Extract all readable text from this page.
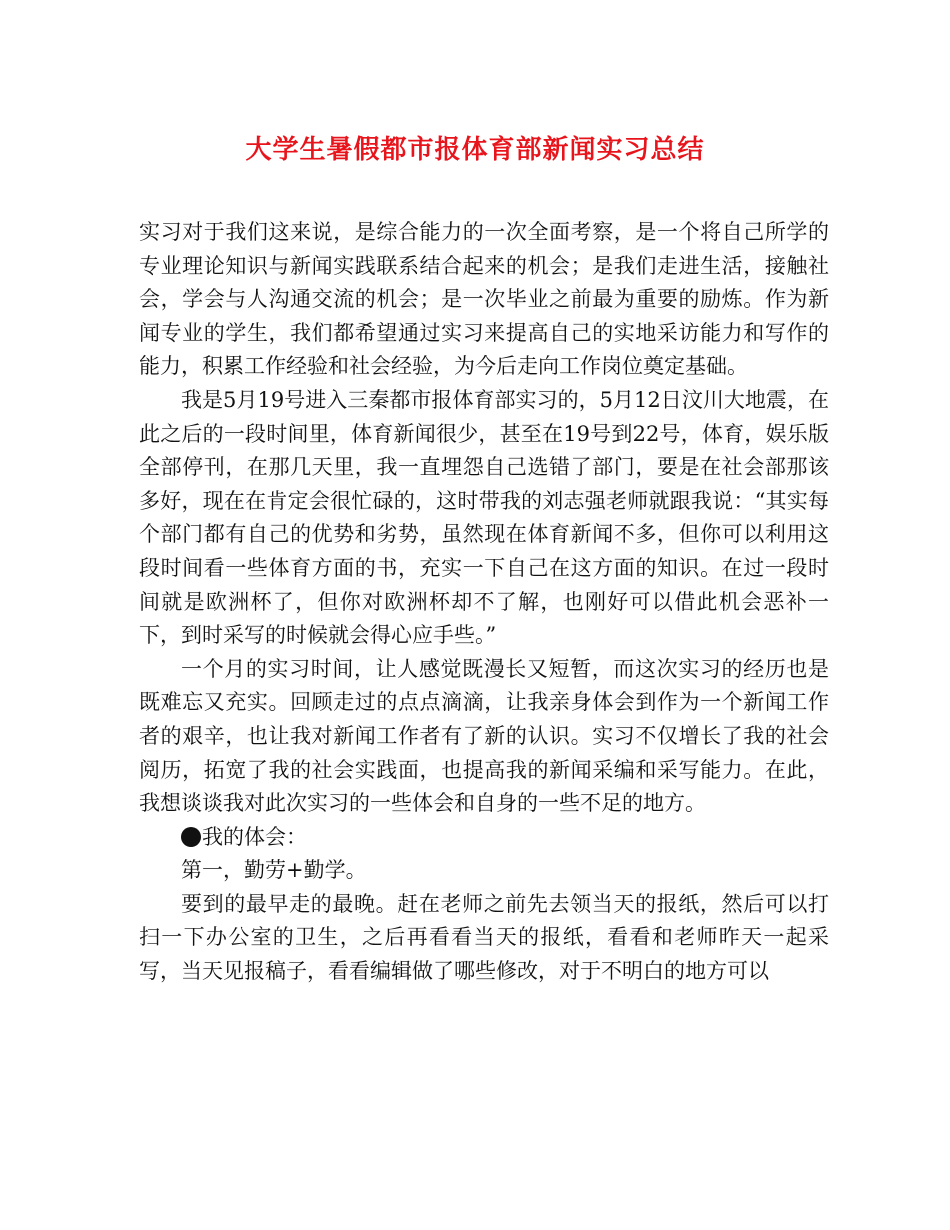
大学生暑假都市报体育部新闻实习总结

实习对于我们这来说，是综合能力的一次全面考察，是一个将自己所学的专业理论知识与新闻实践联系结合起来的机会；是我们走进生活，接触社会，学会与人沟通交流的机会；是一次毕业之前最为重要的励炼。作为新闻专业的学生，我们都希望通过实习来提高自己的实地采访能力和写作的能力，积累工作经验和社会经验，为今后走向工作岗位奠定基础。

我是5月19号进入三秦都市报体育部实习的，5月12日汶川大地震，在此之后的一段时间里，体育新闻很少，甚至在19号到22号，体育，娱乐版全部停刊，在那几天里，我一直埋怨自己选错了部门，要是在社会部那该多好，现在在肯定会很忙碌的，这时带我的刘志强老师就跟我说：“其实每个部门都有自己的优势和劣势，虽然现在体育新闻不多，但你可以利用这段时间看一些体育方面的书，充实一下自己在这方面的知识。在过一段时间就是欧洲杯了，但你对欧洲杯却不了解，也刚好可以借此机会恶补一下，到时采写的时候就会得心应手些。”

一个月的实习时间，让人感觉既漫长又短暂，而这次实习的经历也是既难忘又充实。回顾走过的点点滴滴，让我亲身体会到作为一个新闻工作者的艰辛，也让我对新闻工作者有了新的认识。实习不仅增长了我的社会阅历，拓宽了我的社会实践面，也提高我的新闻采编和采写能力。在此，我想谈谈我对此次实习的一些体会和自身的一些不足的地方。

我的体会：

第一，勤劳+勤学。

要到的最早走的最晚。赶在老师之前先去领当天的报纸，然后可以打扫一下办公室的卫生，之后再看看当天的报纸，看看和老师昨天一起采写，当天见报稿子，看看编辑做了哪些修改，对于不明白的地方可以
